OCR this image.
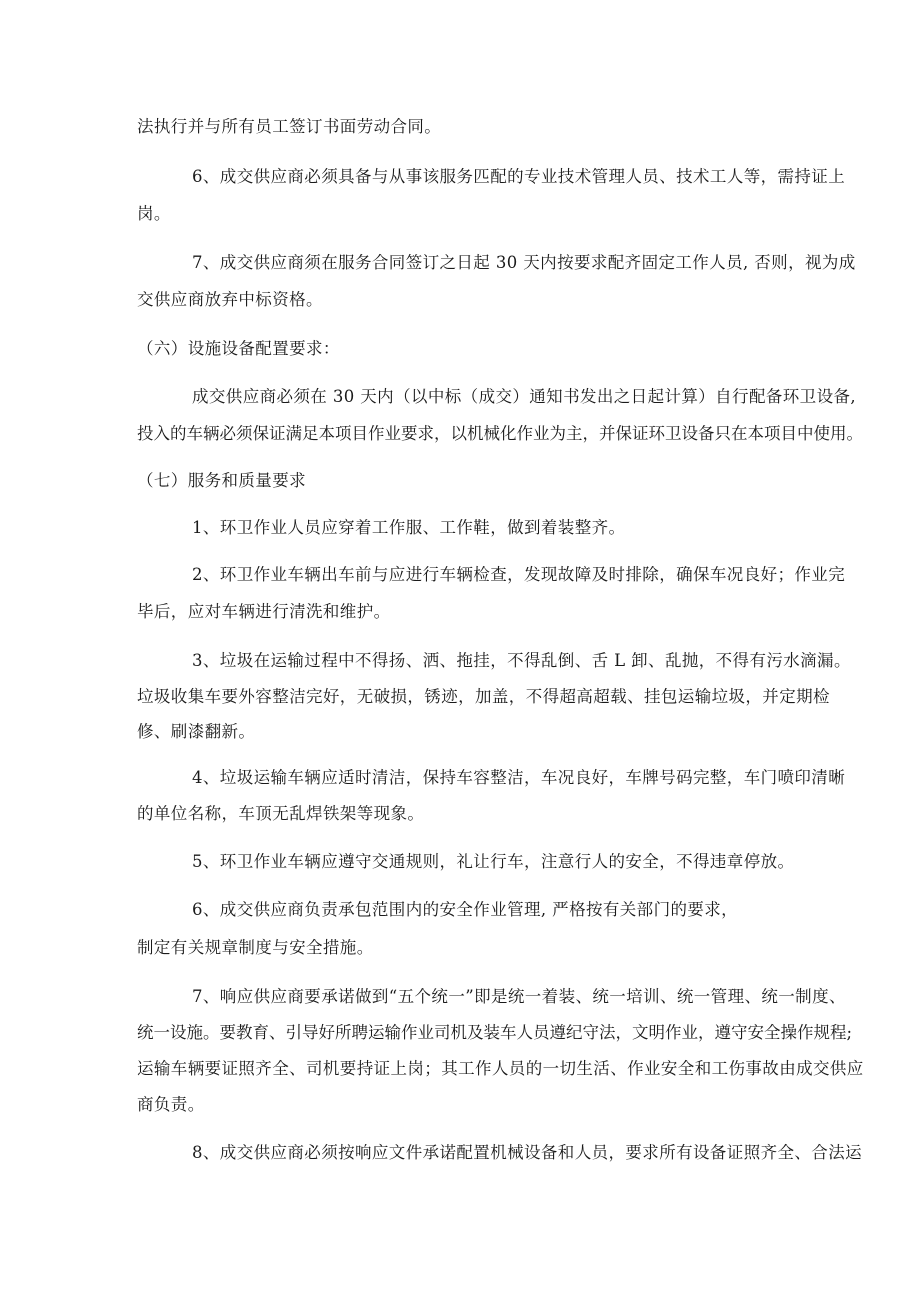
法执行并与所有员工签订书面劳动合同。
6、成交供应商必须具备与从事该服务匹配的专业技术管理人员、技术工人等，需持证上
岗。
7、成交供应商须在服务合同签订之日起 30 天内按要求配齐固定工作人员, 否则，视为成
交供应商放弃中标资格。
（六）设施设备配置要求：
成交供应商必须在 30 天内（以中标（成交）通知书发出之日起计算）自行配备环卫设备,
投入的车辆必须保证满足本项目作业要求，以机械化作业为主，并保证环卫设备只在本项目中使用。
（七）服务和质量要求
1、环卫作业人员应穿着工作服、工作鞋，做到着装整齐。
2、环卫作业车辆出车前与应进行车辆检查，发现故障及时排除，确保车况良好；作业完
毕后，应对车辆进行清洗和维护。
3、垃圾在运输过程中不得扬、洒、拖挂，不得乱倒、舌 L 卸、乱抛，不得有污水滴漏。
垃圾收集车要外容整洁完好，无破损，锈迹，加盖，不得超高超载、挂包运输垃圾，并定期检
修、刷漆翻新。
4、垃圾运输车辆应适时清洁，保持车容整洁，车况良好，车牌号码完整，车门喷印清晰
的单位名称，车顶无乱焊铁架等现象。
5、环卫作业车辆应遵守交通规则，礼让行车，注意行人的安全，不得违章停放。
6、成交供应商负责承包范围内的安全作业管理, 严格按有关部门的要求，
制定有关规章制度与安全措施。
7、响应供应商要承诺做到“五个统一”即是统一着装、统一培训、统一管理、统一制度、
统一设施。要教育、引导好所聘运输作业司机及装车人员遵纪守法，文明作业，遵守安全操作规程;
运输车辆要证照齐全、司机要持证上岗；其工作人员的一切生活、作业安全和工伤事故由成交供应
商负责。
8、成交供应商必须按响应文件承诺配置机械设备和人员，要求所有设备证照齐全、合法运
